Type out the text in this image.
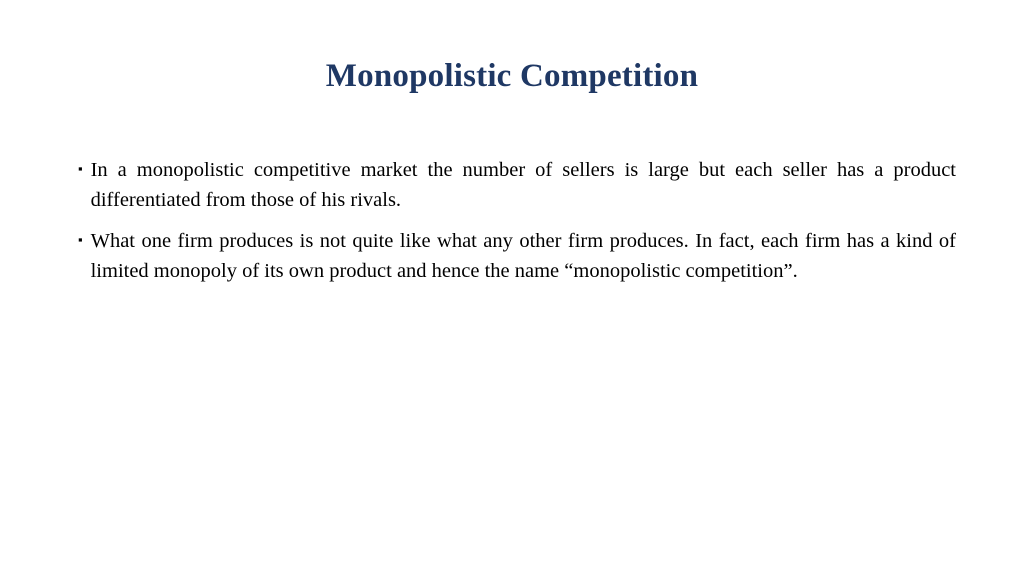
Monopolistic Competition
▪ In a monopolistic competitive market the number of sellers is large but each seller has a product differentiated from those of his rivals.
▪ What one firm produces is not quite like what any other firm produces. In fact, each firm has a kind of limited monopoly of its own product and hence the name “monopolistic competition”.
